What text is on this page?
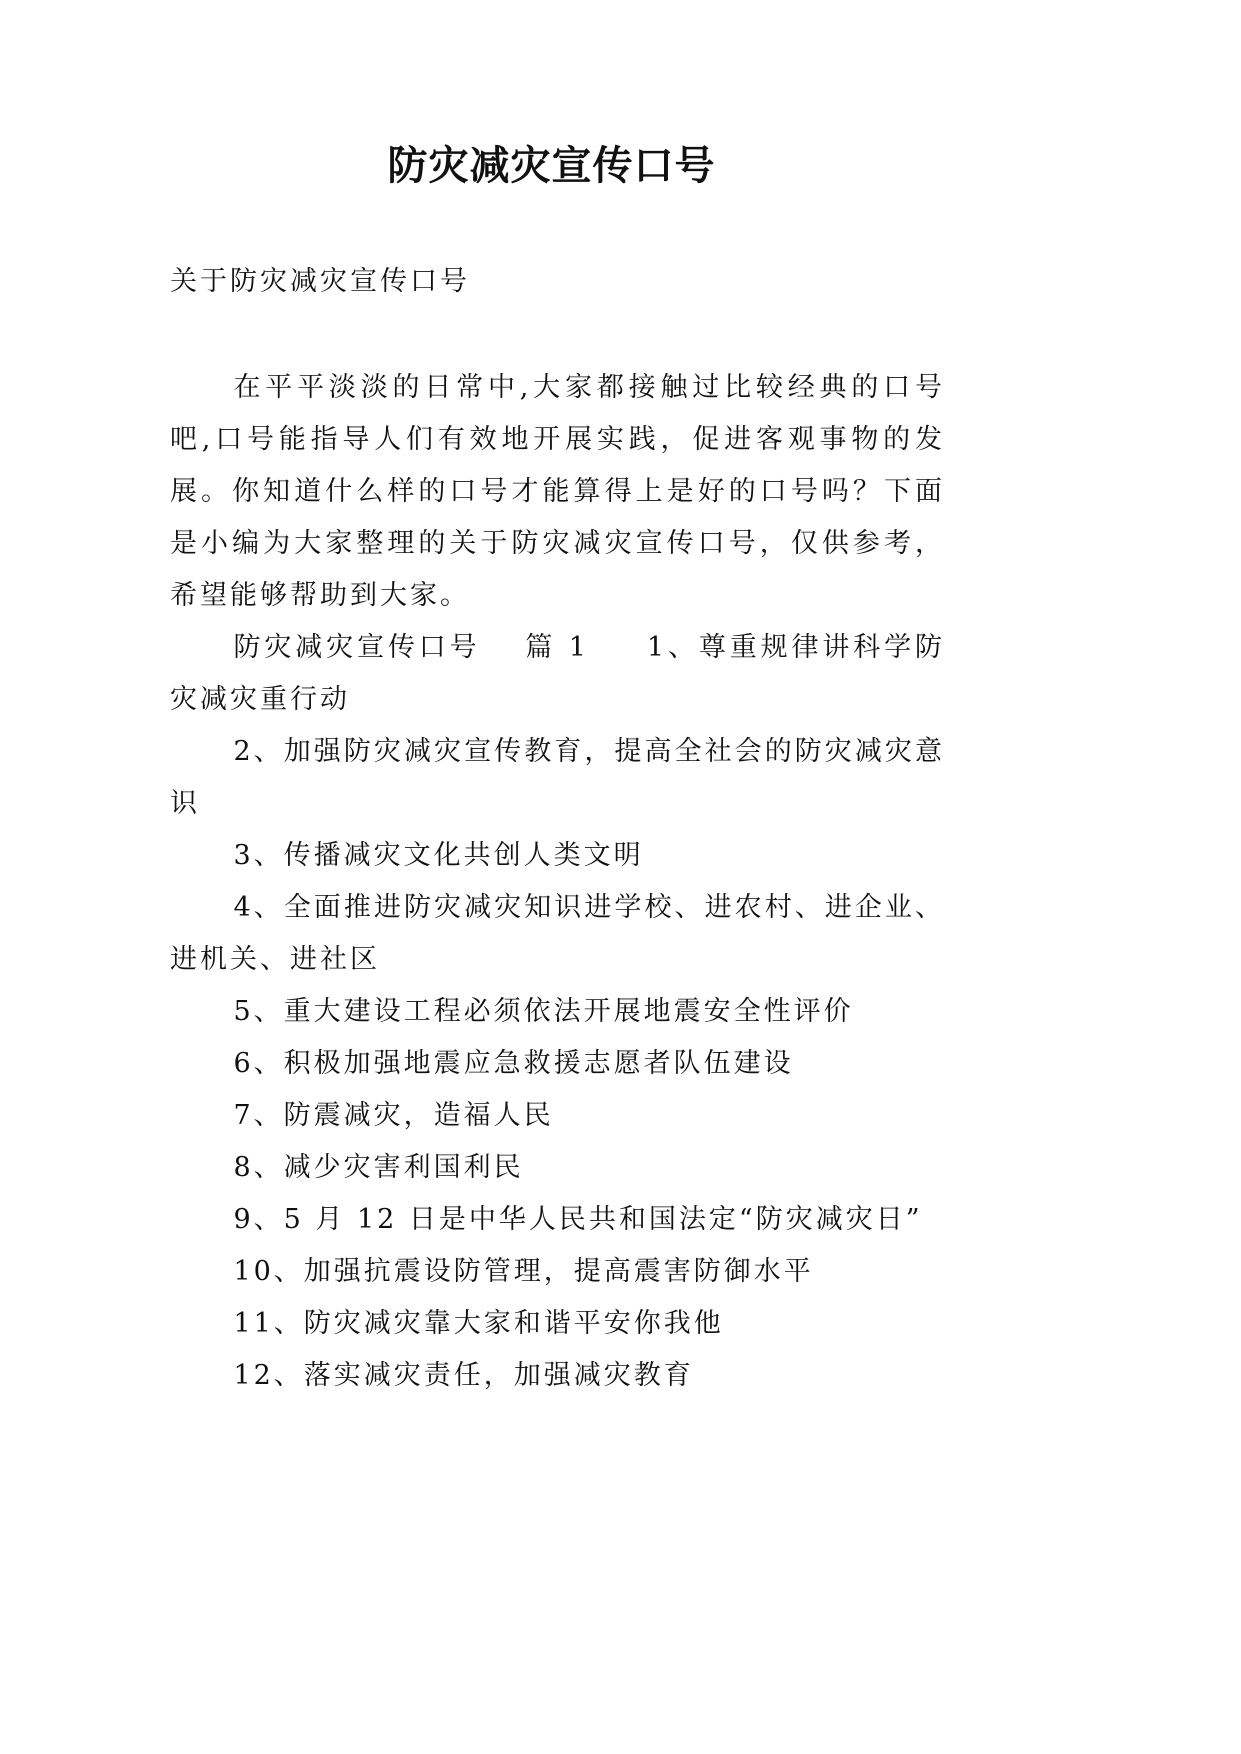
防灾减灾宣传口号
关于防灾减灾宣传口号

在平平淡淡的日常中,大家都接触过比较经典的口号吧,口号能指导人们有效地开展实践，促进客观事物的发展。你知道什么样的口号才能算得上是好的口号吗？下面是小编为大家整理的关于防灾减灾宣传口号，仅供参考，希望能够帮助到大家。

防灾减灾宣传口号 篇 1 1、尊重规律讲科学防灾减灾重行动

2、加强防灾减灾宣传教育，提高全社会的防灾减灾意识

3、传播减灾文化共创人类文明

4、全面推进防灾减灾知识进学校、进农村、进企业、进机关、进社区

5、重大建设工程必须依法开展地震安全性评价

6、积极加强地震应急救援志愿者队伍建设

7、防震减灾，造福人民

8、减少灾害利国利民

9、5 月 12 日是中华人民共和国法定“防灾减灾日”

10、加强抗震设防管理，提高震害防御水平

11、防灾减灾靠大家和谐平安你我他

12、落实减灾责任，加强减灾教育
